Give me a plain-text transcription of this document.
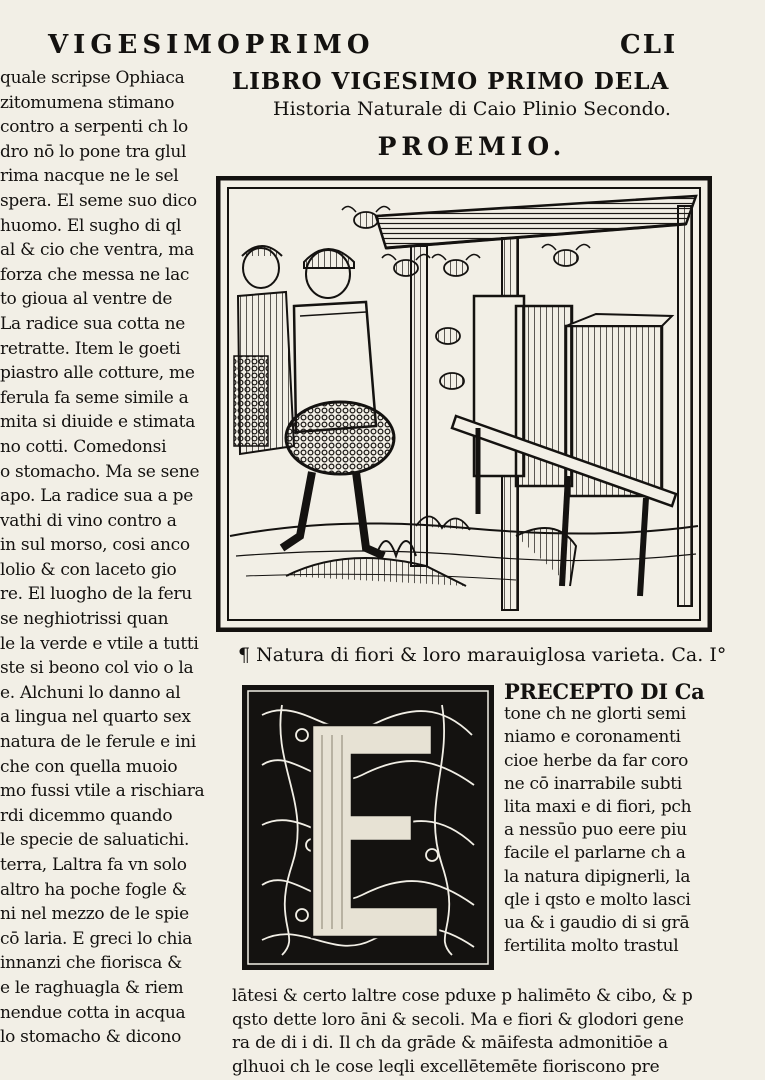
VIGESIMOPRIMO	CLI
quale scripse Ophiaca
zitomumena stimano
contro a serpenti ch lo
dro nō lo pone tra glul
rima nacque ne le sel
spera. El seme suo dico
huomo. El sugho di ql
al & cio che ventra, ma
forza che messa ne lac
to gioua al ventre de
La radice sua cotta ne
retratte. Item le goeti
piastro alle cotture, me
ferula fa seme simile a
mita si diuide e stimata
no cotti. Comedonsi
o stomacho. Ma se sene
apo. La radice sua a pe
vathi di vino contro a
in sul morso, cosi anco
lolio & con laceto gio
re. El luogho de la feru
se neghiotrissi quan
le la verde e vtile a tutti
ste si beono col vio o la
e. Alchuni lo danno al
a lingua nel quarto sex
natura de le ferule e ini
che con quella muoio
mo fussi vtile a rischiara
rdi dicemmo quando
le specie de saluatichi.
terra, Laltra fa vn solo
altro ha poche fogle &
ni nel mezzo de le spie
cō laria. E greci lo chia
innanzi che fiorisca &
e le raghuagla & riem
nendue cotta in acqua
lo stomacho & dicono
LIBRO VIGESIMO PRIMO DELA
Historia Naturale di Caio Plinio Secondo.
PROEMIO.
¶ Natura di fiori & loro marauiglosa varieta. Ca. I°
PRECEPTO DI Ca
tone ch ne glorti semi
niamo e coronamenti
cioe herbe da far coro
ne cō inarrabile subti
lita maxi e di fiori, pch
a nessūo puo eere piu
facile el parlarne ch a
la natura dipignerli, la
qle i qsto e molto lasci
ua & i gaudio di si grā
fertilita molto trastul
lātesi & certo laltre cose pduxe p halimēto & cibo, & p
qsto dette loro āni & secoli. Ma e fiori & glodori gene
ra de di i di. Il ch da grāde & māifesta admonitiōe a
glhuoi ch le cose leqli excellētemēte fioriscono pre
